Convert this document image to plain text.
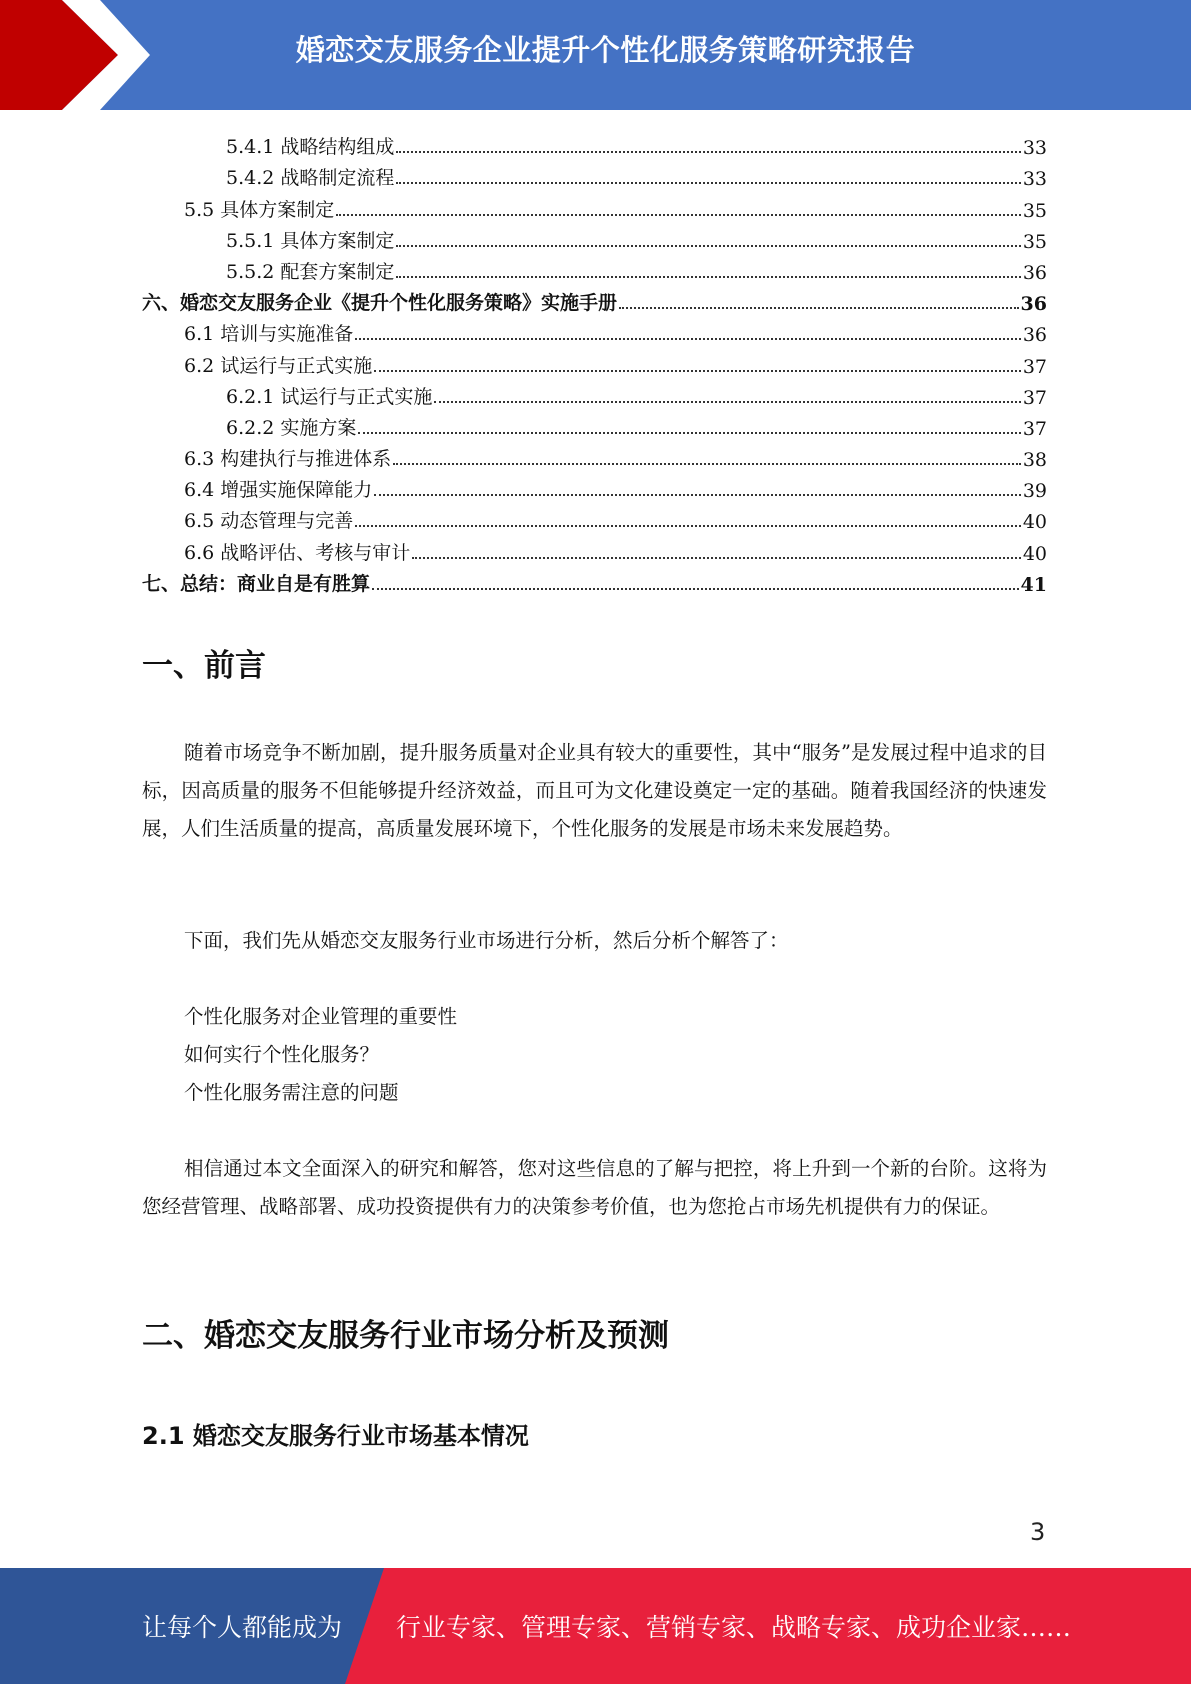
婚恋交友服务企业提升个性化服务策略研究报告
5.4.1 战略结构组成	33
5.4.2 战略制定流程	33
5.5 具体方案制定	35
5.5.1 具体方案制定	35
5.5.2 配套方案制定	36
六、婚恋交友服务企业《提升个性化服务策略》实施手册	36
6.1 培训与实施准备	36
6.2 试运行与正式实施	37
6.2.1 试运行与正式实施	37
6.2.2 实施方案	37
6.3 构建执行与推进体系	38
6.4 增强实施保障能力	39
6.5 动态管理与完善	40
6.6 战略评估、考核与审计	40
七、总结：商业自是有胜算	41
一、前言

随着市场竞争不断加剧，提升服务质量对企业具有较大的重要性，其中“服务”是发展过程中追求的目标，因高质量的服务不但能够提升经济效益，而且可为文化建设奠定一定的基础。随着我国经济的快速发展，人们生活质量的提高，高质量发展环境下，个性化服务的发展是市场未来发展趋势。

下面，我们先从婚恋交友服务行业市场进行分析，然后分析个解答了：

个性化服务对企业管理的重要性
如何实行个性化服务？
个性化服务需注意的问题

相信通过本文全面深入的研究和解答，您对这些信息的了解与把控，将上升到一个新的台阶。这将为您经营管理、战略部署、成功投资提供有力的决策参考价值，也为您抢占市场先机提供有力的保证。

二、婚恋交友服务行业市场分析及预测
2.1 婚恋交友服务行业市场基本情况
3
让每个人都能成为 行业专家、管理专家、营销专家、战略专家、成功企业家……
